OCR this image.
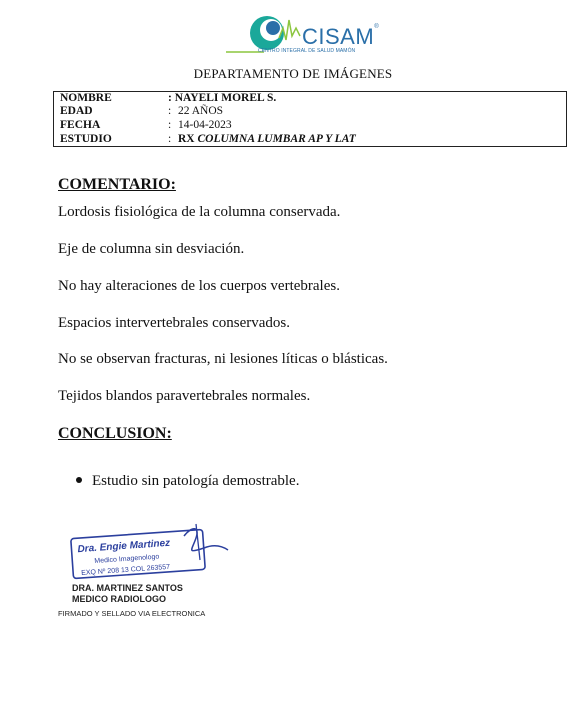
CISAM®
CENTRO INTEGRAL DE SALUD MAMÓN
DEPARTAMENTO DE IMÁGENES
NOMBRE	: NAYELI MOREL S.
EDAD	: 22 AÑOS
FECHA	: 14-04-2023
ESTUDIO	: RX COLUMNA LUMBAR AP Y LAT
COMENTARIO:
Lordosis fisiológica de la columna conservada.
Eje de columna sin desviación.
No hay alteraciones de los cuerpos vertebrales.
Espacios intervertebrales conservados.
No se observan fracturas, ni lesiones líticas o blásticas.
Tejidos blandos paravertebrales normales.
CONCLUSION:
Estudio sin patología demostrable.
Dra. Engie Martinez
Medico Imagenologo
EXQ Nº 208 13 COL 263557
DRA. MARTINEZ SANTOS
MEDICO RADIOLOGO
FIRMADO Y SELLADO VIA ELECTRONICA
